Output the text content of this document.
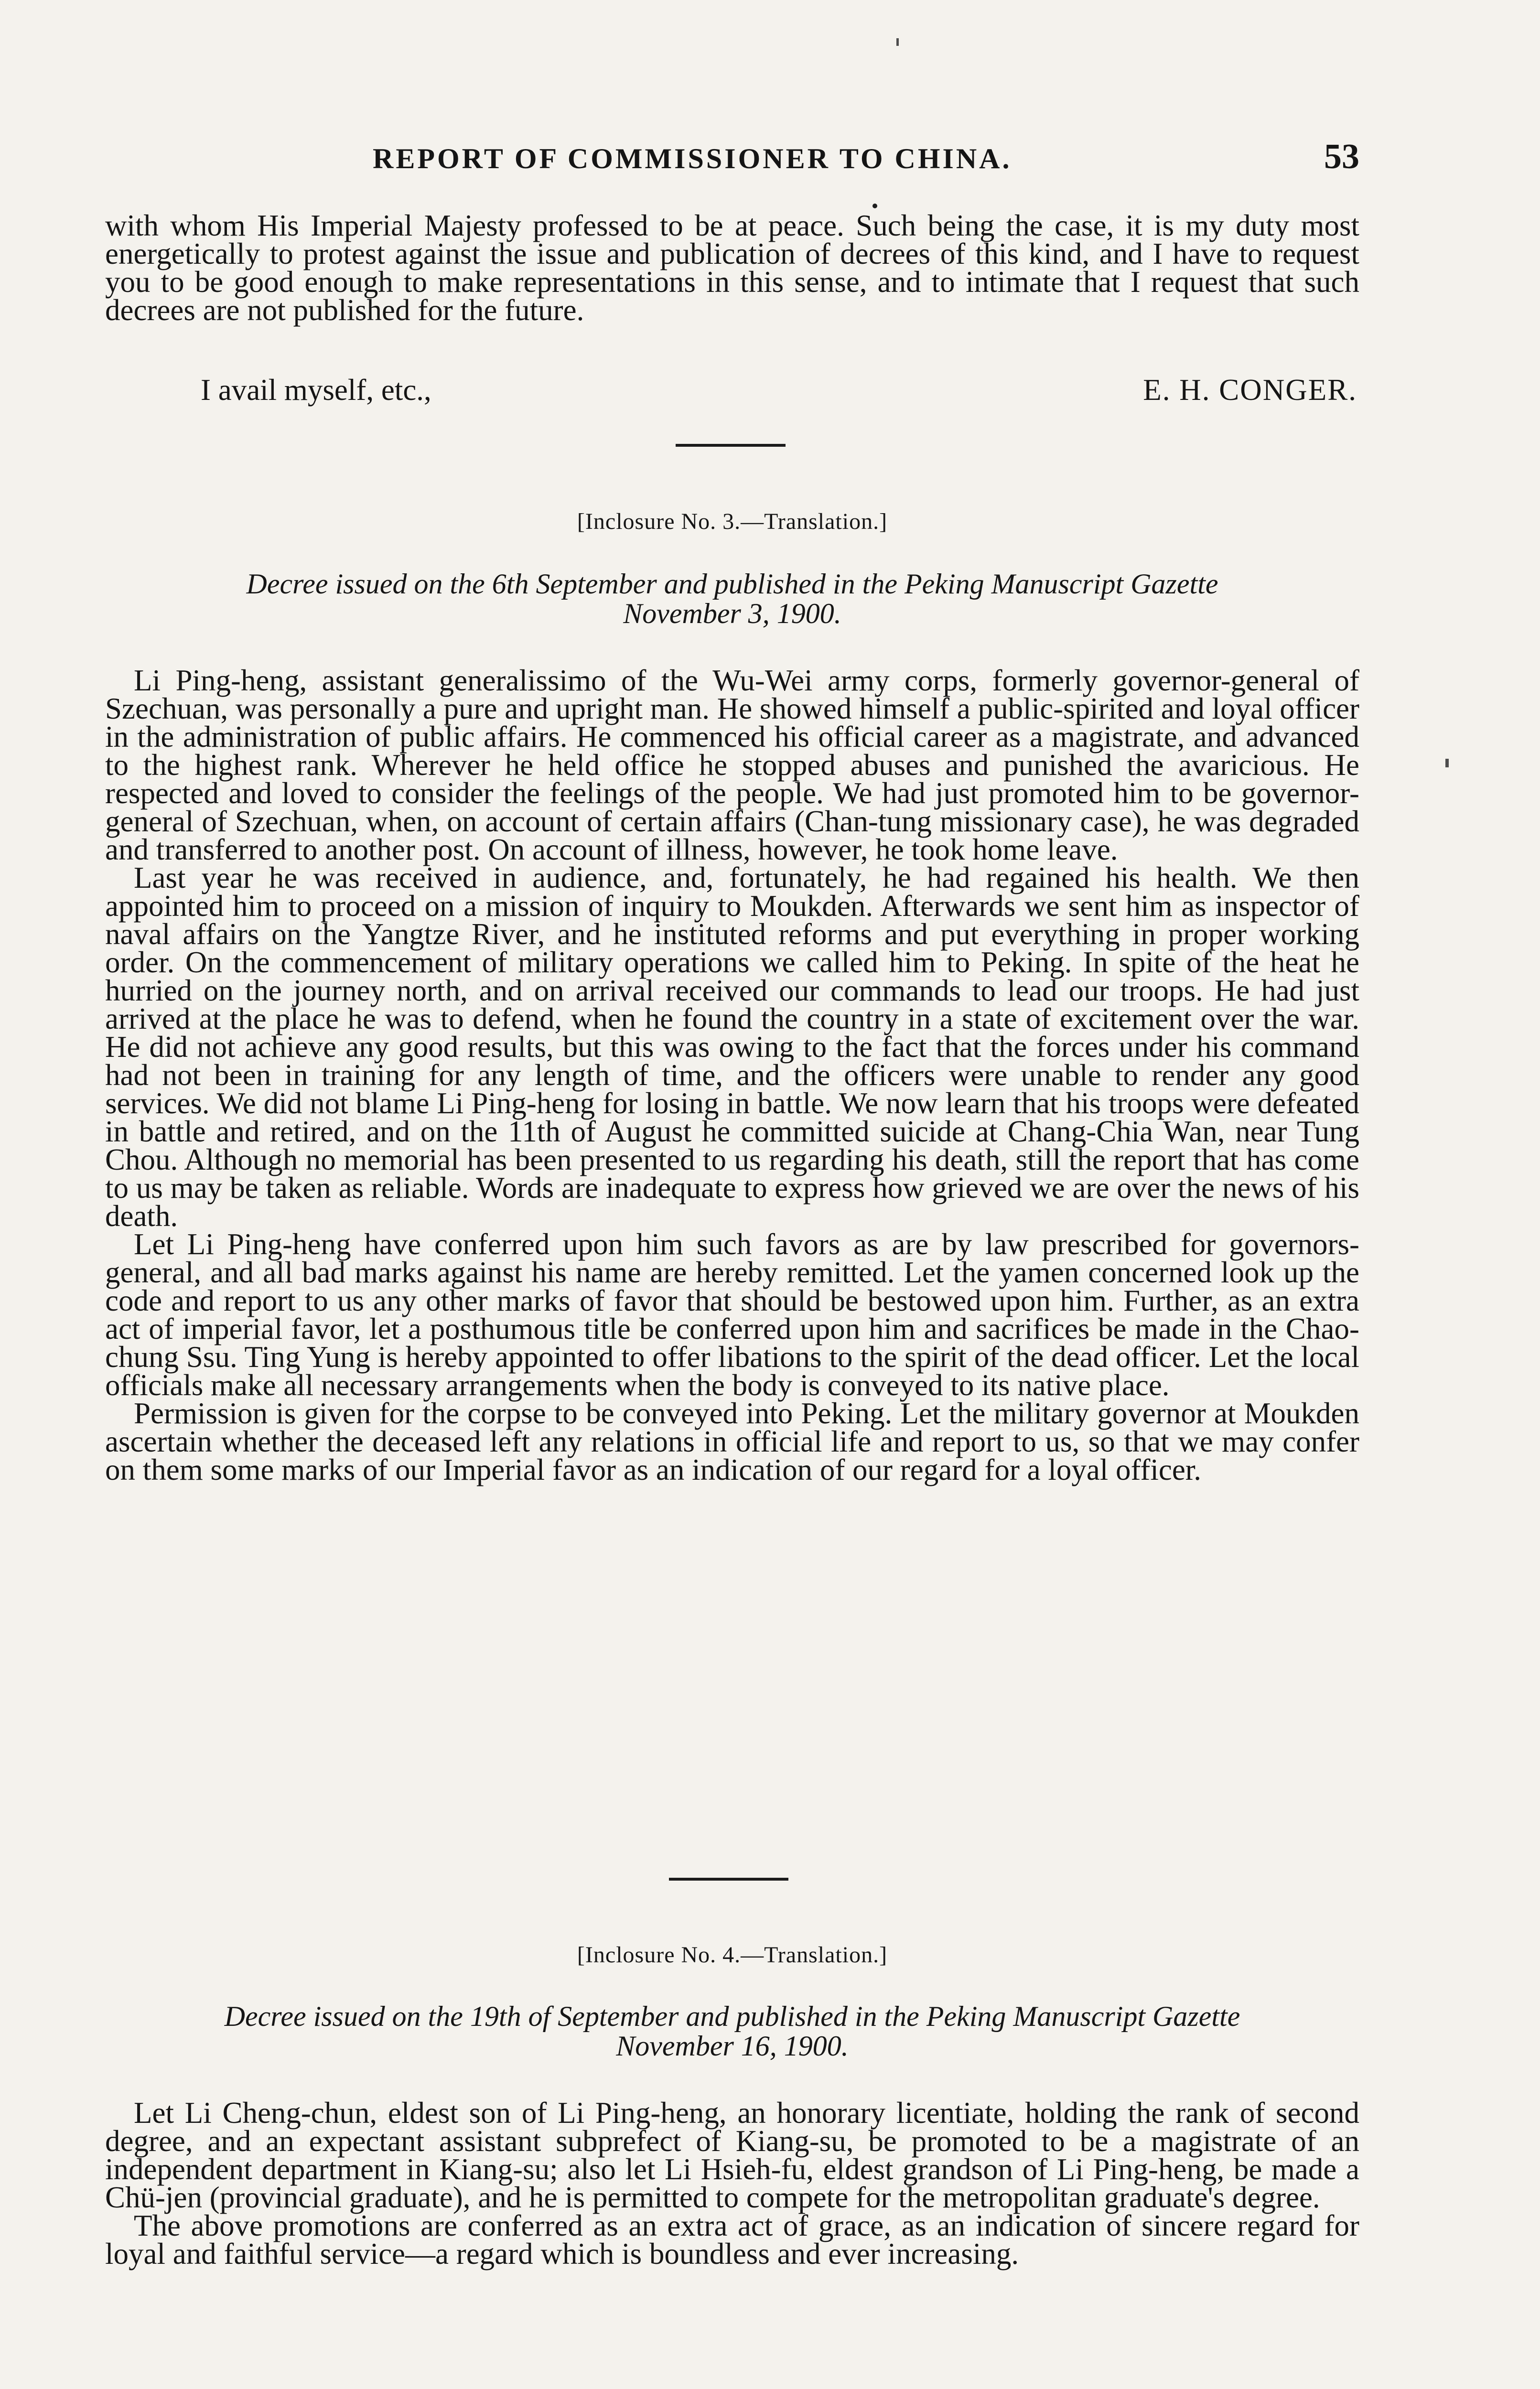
REPORT OF COMMISSIONER TO CHINA.	53

with whom His Imperial Majesty professed to be at peace. Such being the case, it is my duty most energetically to protest against the issue and publication of decrees of this kind, and I have to request you to be good enough to make representations in this sense, and to intimate that I request that such decrees are not published for the future.

I avail myself, etc.,	E. H. CONGER.
[Inclosure No. 3.—Translation.]
Decree issued on the 6th September and published in the Peking Manuscript Gazette
November 3, 1900.

Li Ping-heng, assistant generalissimo of the Wu-Wei army corps, formerly governor-general of Szechuan, was personally a pure and upright man. He showed himself a public-spirited and loyal officer in the administration of public affairs. He commenced his official career as a magistrate, and advanced to the highest rank. Wherever he held office he stopped abuses and punished the avaricious. He respected and loved to consider the feelings of the people. We had just promoted him to be governor-general of Szechuan, when, on account of certain affairs (Chan-tung missionary case), he was degraded and transferred to another post. On account of illness, however, he took home leave.

Last year he was received in audience, and, fortunately, he had regained his health. We then appointed him to proceed on a mission of inquiry to Moukden. Afterwards we sent him as inspector of naval affairs on the Yangtze River, and he instituted reforms and put everything in proper working order. On the commencement of military operations we called him to Peking. In spite of the heat he hurried on the journey north, and on arrival received our commands to lead our troops. He had just arrived at the place he was to defend, when he found the country in a state of excitement over the war. He did not achieve any good results, but this was owing to the fact that the forces under his command had not been in training for any length of time, and the officers were unable to render any good services. We did not blame Li Ping-heng for losing in battle. We now learn that his troops were defeated in battle and retired, and on the 11th of August he committed suicide at Chang-Chia Wan, near Tung Chou. Although no memorial has been presented to us regarding his death, still the report that has come to us may be taken as reliable. Words are inadequate to express how grieved we are over the news of his death.

Let Li Ping-heng have conferred upon him such favors as are by law prescribed for governors-general, and all bad marks against his name are hereby remitted. Let the yamen concerned look up the code and report to us any other marks of favor that should be bestowed upon him. Further, as an extra act of imperial favor, let a posthumous title be conferred upon him and sacrifices be made in the Chao-chung Ssu. Ting Yung is hereby appointed to offer libations to the spirit of the dead officer. Let the local officials make all necessary arrangements when the body is conveyed to its native place.

Permission is given for the corpse to be conveyed into Peking. Let the military governor at Moukden ascertain whether the deceased left any relations in official life and report to us, so that we may confer on them some marks of our Imperial favor as an indication of our regard for a loyal officer.

[Inclosure No. 4.—Translation.]
Decree issued on the 19th of September and published in the Peking Manuscript Gazette
November 16, 1900.

Let Li Cheng-chun, eldest son of Li Ping-heng, an honorary licentiate, holding the rank of second degree, and an expectant assistant subprefect of Kiang-su, be promoted to be a magistrate of an independent department in Kiang-su; also let Li Hsieh-fu, eldest grandson of Li Ping-heng, be made a Chü-jen (provincial graduate), and he is permitted to compete for the metropolitan graduate's degree.

The above promotions are conferred as an extra act of grace, as an indication of sincere regard for loyal and faithful service—a regard which is boundless and ever increasing.
